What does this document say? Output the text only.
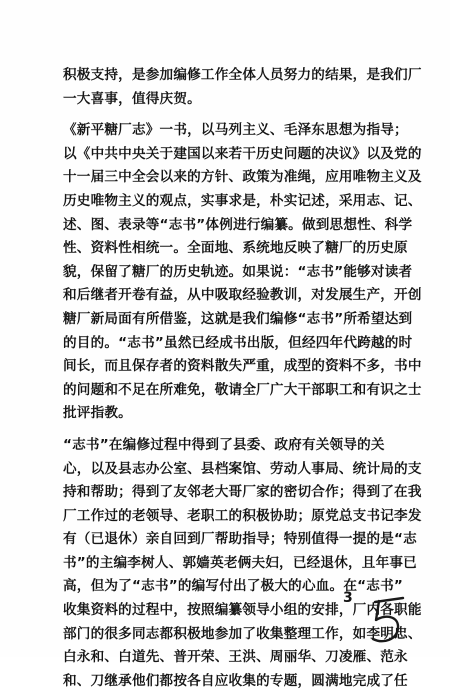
积极支持，是参加编修工作全体人员努力的结果，是我们厂
一大喜事，值得庆贺。
《新平糖厂志》一书，以马列主义、毛泽东思想为指导；
以《中共中央关于建国以来若干历史问题的决议》以及党的
十一届三中全会以来的方针、政策为准绳，应用唯物主义及
历史唯物主义的观点，实事求是，朴实记述，采用志、记、
述、图、表录等“志书”体例进行编纂。做到思想性、科学
性、资料性相统一。全面地、系统地反映了糖厂的历史原
貌，保留了糖厂的历史轨迹。如果说：“志书”能够对读者
和后继者开卷有益，从中吸取经验教训，对发展生产，开创
糖厂新局面有所借鉴，这就是我们编修“志书”所希望达到
的目的。“志书”虽然已经成书出版，但经四年代跨越的时
间长，而且保存者的资料散失严重，成型的资料不多，书中
的问题和不足在所难免，敬请全厂广大干部职工和有识之士
批评指教。
“志书”在编修过程中得到了县委、政府有关领导的关
心，以及县志办公室、县档案馆、劳动人事局、统计局的支
持和帮助；得到了友邻老大哥厂家的密切合作；得到了在我
厂工作过的老领导、老职工的积极协助；原党总支书记李发
有（已退休）亲自回到厂帮助指导；特别值得一提的是“志
书”的主编李树人、郭嫱英老俩夫妇，已经退休，且年事已
高，但为了“志书”的编写付出了极大的心血。在“志书”
收集资料的过程中，按照编纂领导小组的安排，厂内各职能
部门的很多同志都积极地参加了收集整理工作，如李明忠、
白永和、白道先、普开荣、王洪、周丽华、刀凌雁、范永
和、刀继承他们都按各自应收集的专题，圆满地完成了任
3
